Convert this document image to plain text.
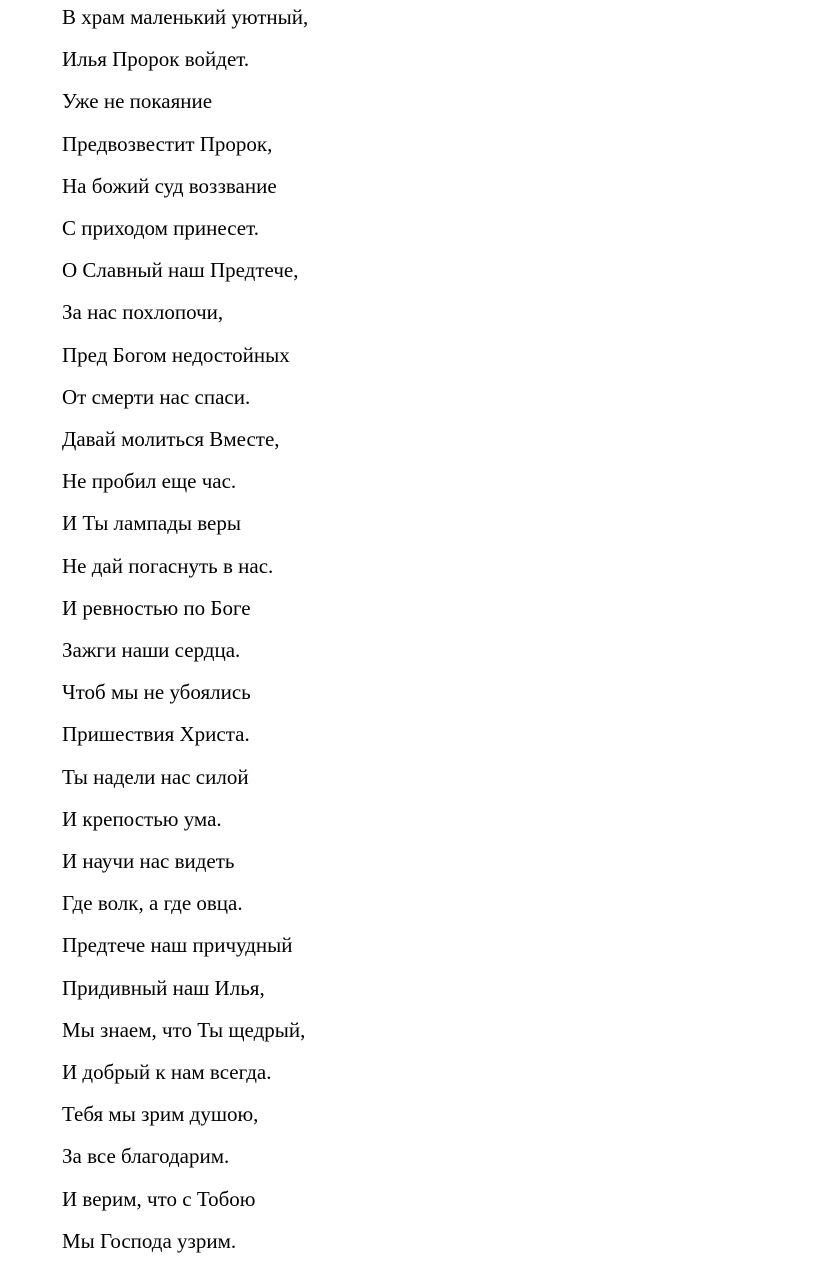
В храм маленький уютный,
Илья Пророк войдет.
Уже не покаяние
Предвозвестит Пророк,
На божий суд воззвание
С приходом принесет.
О Славный наш Предтече,
За нас похлопочи,
Пред Богом недостойных
От смерти нас спаси.
Давай молиться Вместе,
Не пробил еще час.
И Ты лампады веры
Не дай погаснуть в нас.
И ревностью по Боге
Зажги наши сердца.
Чтоб мы не убоялись
Пришествия Христа.
Ты надели нас силой
И крепостью ума.
И научи нас видеть
Где волк, а где овца.
Предтече наш причудный
Придивный наш Илья,
Мы знаем, что Ты щедрый,
И добрый к нам всегда.
Тебя мы зрим душою,
За все благодарим.
И верим, что с Тобою
Мы Господа узрим.
